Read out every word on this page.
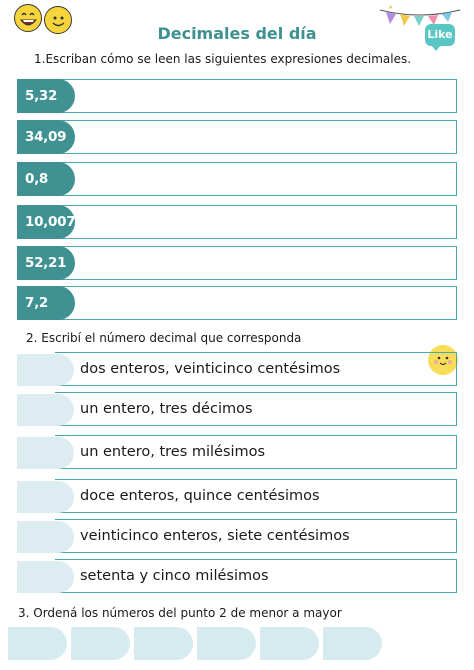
Decimales del día
★
Like
1.Escriban cómo se leen las siguientes expresiones decimales.
5,32
34,09
0,8
10,007
52,21
7,2
2. Escribí el número decimal que corresponda
dos enteros, veinticinco centésimos
un entero, tres décimos
un entero, tres milésimos
doce enteros, quince centésimos
veinticinco enteros, siete centésimos
setenta y cinco milésimos
3. Ordená los números del punto 2 de menor a mayor
